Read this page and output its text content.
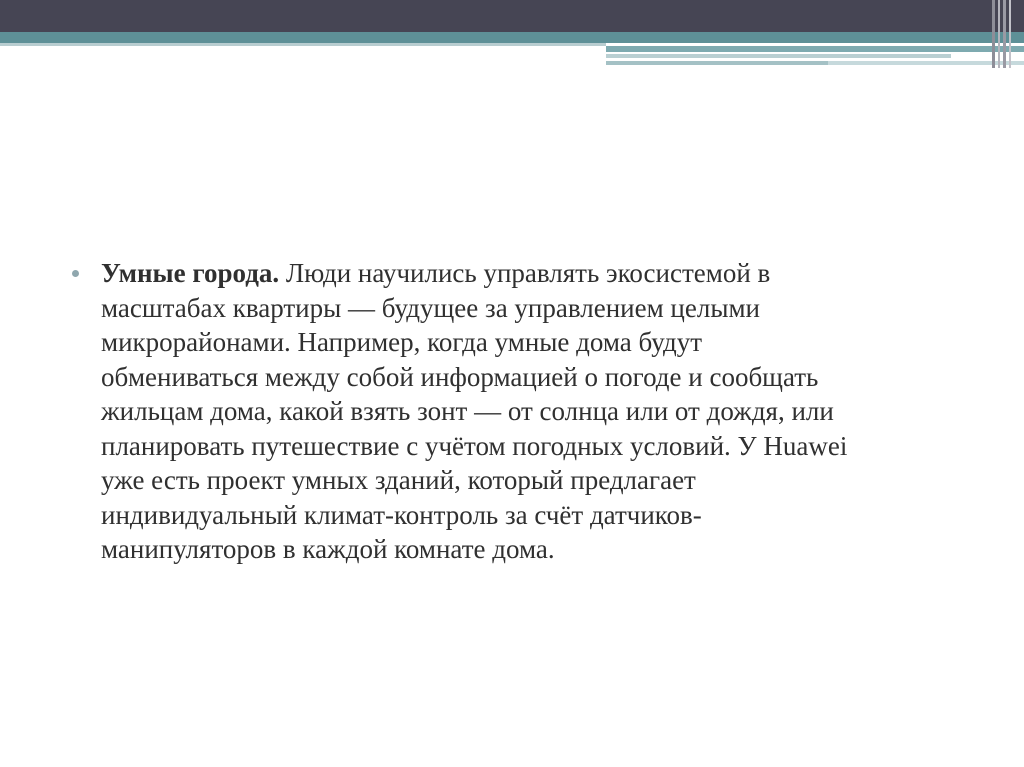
Умные города. Люди научились управлять экосистемой в
масштабах квартиры — будущее за управлением целыми
микрорайонами. Например, когда умные дома будут
обмениваться между собой информацией о погоде и сообщать
жильцам дома, какой взять зонт — от солнца или от дождя, или
планировать путешествие с учётом погодных условий. У Huawei
уже есть проект умных зданий, который предлагает
индивидуальный климат-контроль за счёт датчиков-
манипуляторов в каждой комнате дома.
